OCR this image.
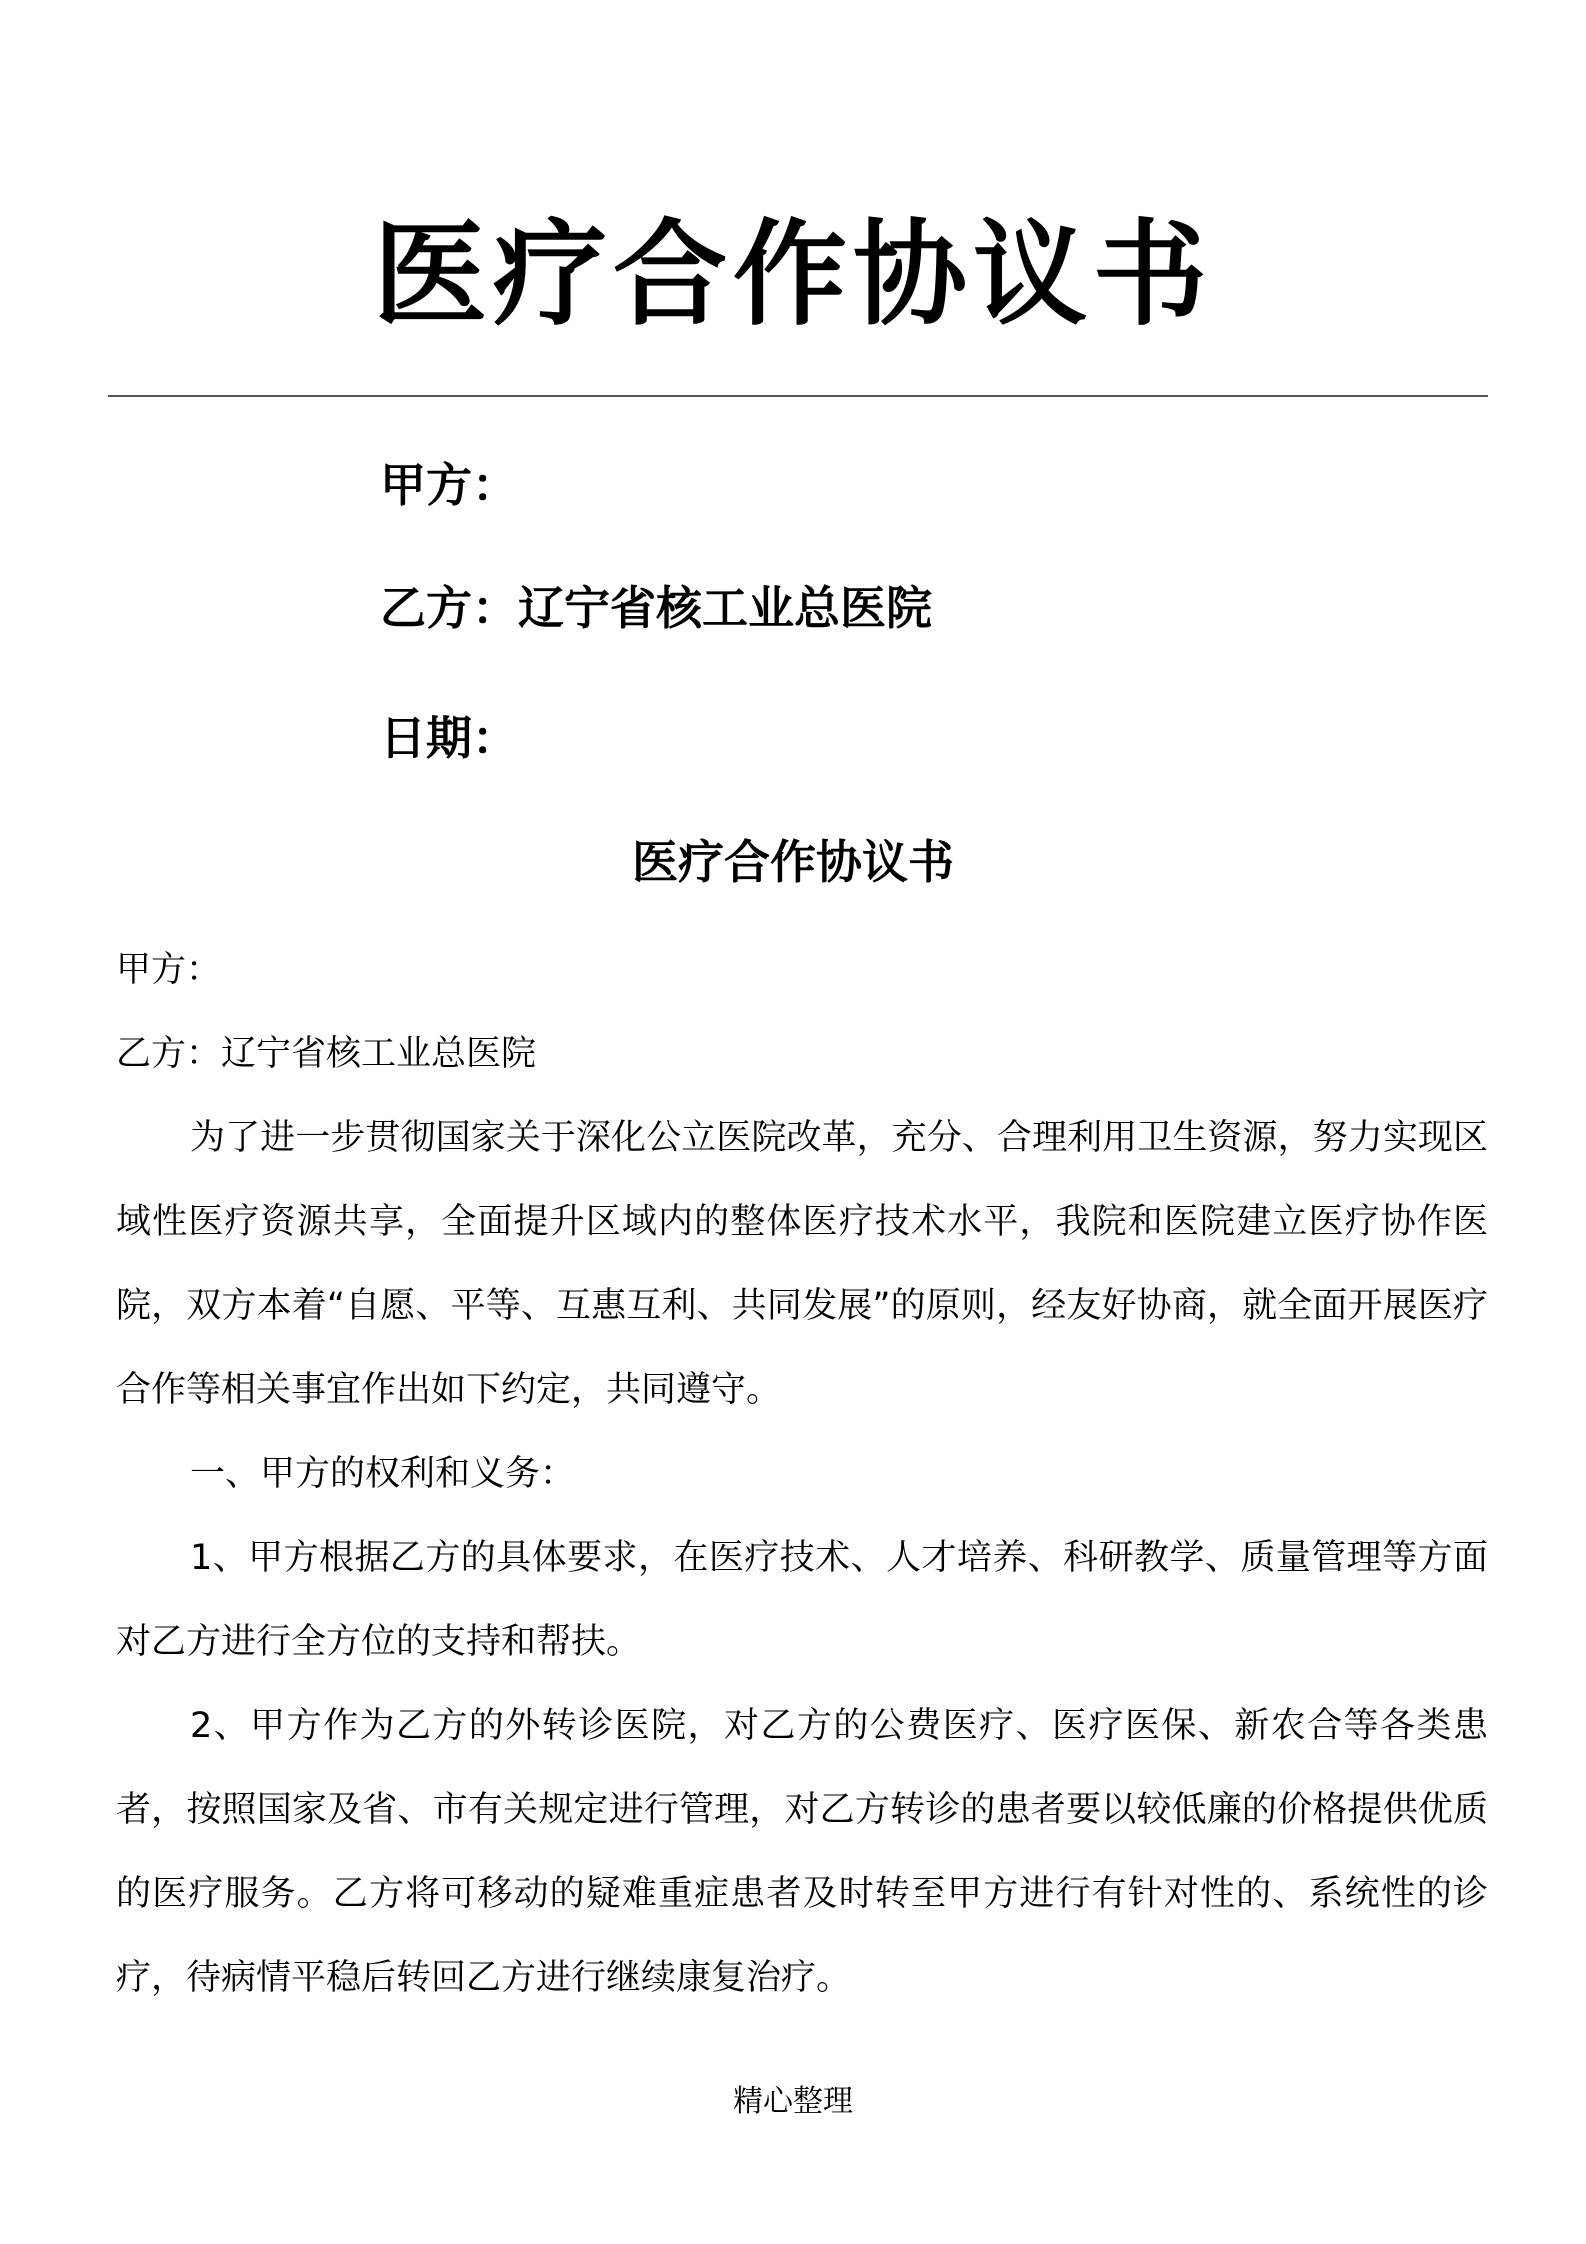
医疗合作协议书
甲方：
乙方：辽宁省核工业总医院
日期：
医疗合作协议书
甲方：
乙方：辽宁省核工业总医院

为了进一步贯彻国家关于深化公立医院改革，充分、合理利用卫生资源，努力实现区域性医疗资源共享，全面提升区域内的整体医疗技术水平，我院和医院建立医疗协作医院，双方本着“自愿、平等、互惠互利、共同发展”的原则，经友好协商，就全面开展医疗合作等相关事宜作出如下约定，共同遵守。

一、甲方的权利和义务：

1、甲方根据乙方的具体要求，在医疗技术、人才培养、科研教学、质量管理等方面对乙方进行全方位的支持和帮扶。

2、甲方作为乙方的外转诊医院，对乙方的公费医疗、医疗医保、新农合等各类患者，按照国家及省、市有关规定进行管理，对乙方转诊的患者要以较低廉的价格提供优质的医疗服务。乙方将可移动的疑难重症患者及时转至甲方进行有针对性的、系统性的诊疗，待病情平稳后转回乙方进行继续康复治疗。

精心整理
